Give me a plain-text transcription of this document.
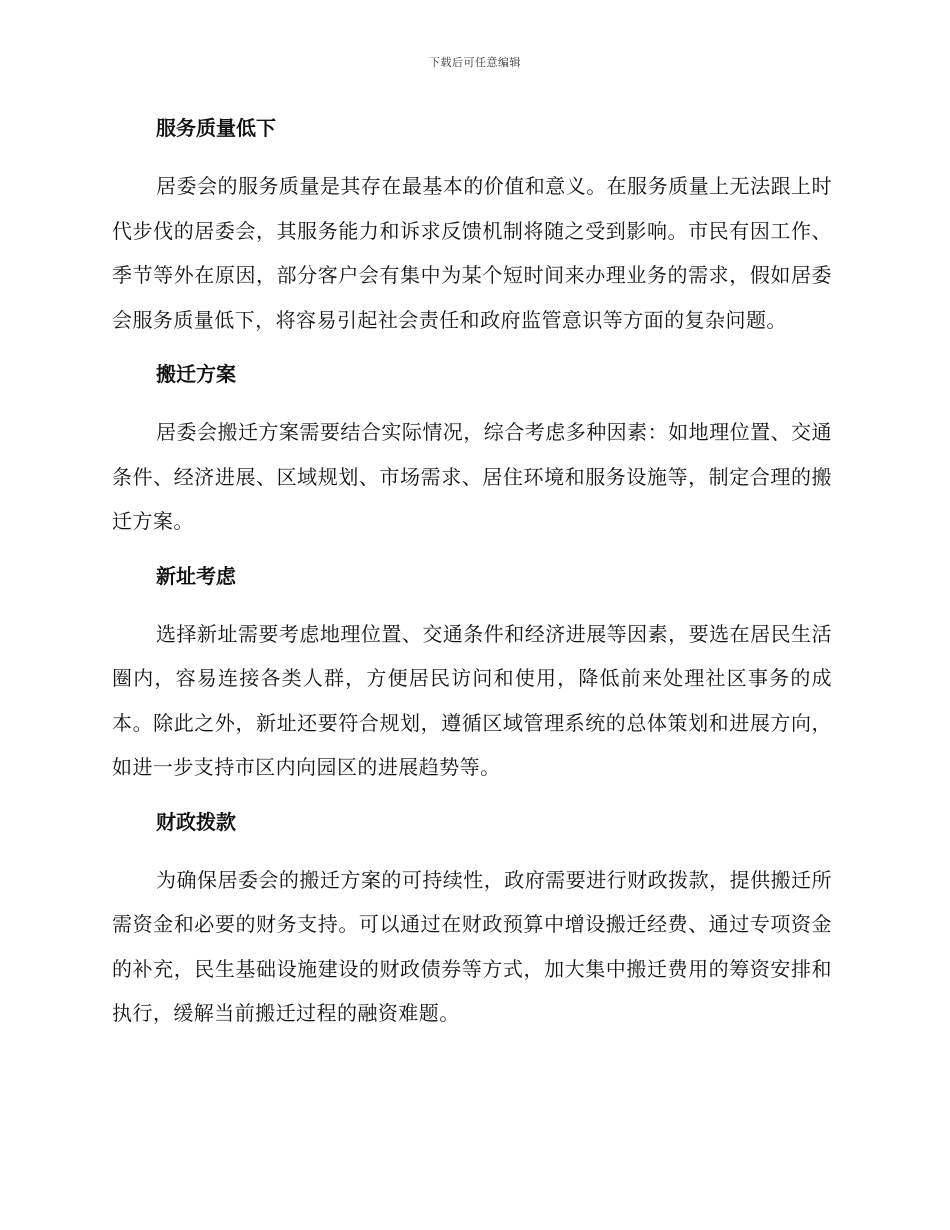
下载后可任意编辑
服务质量低下

居委会的服务质量是其存在最基本的价值和意义。在服务质量上无法跟上时代步伐的居委会，其服务能力和诉求反馈机制将随之受到影响。市民有因工作、季节等外在原因，部分客户会有集中为某个短时间来办理业务的需求，假如居委会服务质量低下，将容易引起社会责任和政府监管意识等方面的复杂问题。

搬迁方案

居委会搬迁方案需要结合实际情况，综合考虑多种因素：如地理位置、交通条件、经济进展、区域规划、市场需求、居住环境和服务设施等，制定合理的搬迁方案。

新址考虑

选择新址需要考虑地理位置、交通条件和经济进展等因素，要选在居民生活圈内，容易连接各类人群，方便居民访问和使用，降低前来处理社区事务的成本。除此之外，新址还要符合规划，遵循区域管理系统的总体策划和进展方向，如进一步支持市区内向园区的进展趋势等。

财政拨款

为确保居委会的搬迁方案的可持续性，政府需要进行财政拨款，提供搬迁所需资金和必要的财务支持。可以通过在财政预算中增设搬迁经费、通过专项资金的补充，民生基础设施建设的财政债券等方式，加大集中搬迁费用的筹资安排和执行，缓解当前搬迁过程的融资难题。
